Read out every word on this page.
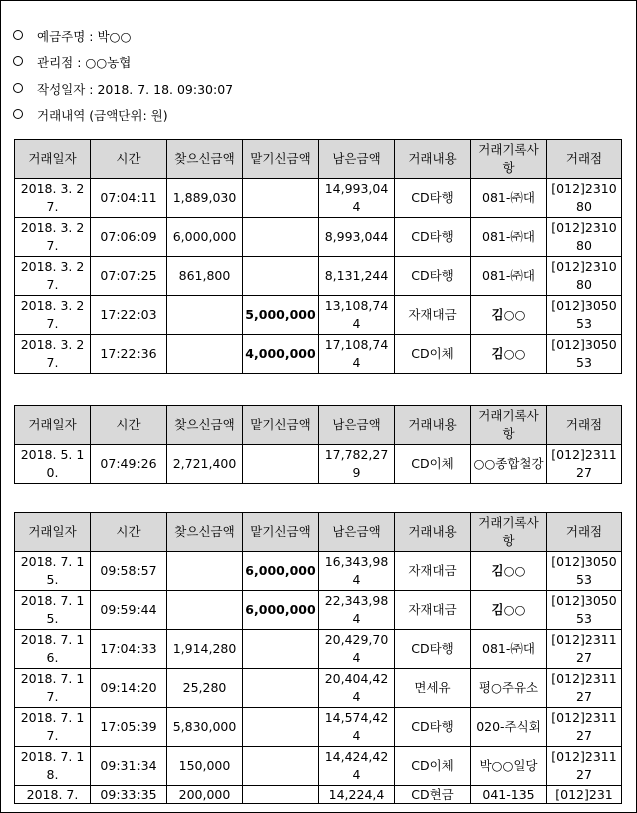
예금주명 : 박○○
관리점 : ○○농협
작성일자 : 2018. 7. 18. 09:30:07
거래내역 (금액단위: 원)
거래일자	시간	찾으신금액	맡기신금액	남은금액	거래내용	거래기록사항	거래점
2018. 3. 27.	07:04:11	1,889,030		14,993,044	CD타행	081-㈜대	[012]231080
2018. 3. 27.	07:06:09	6,000,000		8,993,044	CD타행	081-㈜대	[012]231080
2018. 3. 27.	07:07:25	861,800		8,131,244	CD타행	081-㈜대	[012]231080
2018. 3. 27.	17:22:03		5,000,000	13,108,744	자재대금	김○○	[012]305053
2018. 3. 27.	17:22:36		4,000,000	17,108,744	CD이체	김○○	[012]305053
거래일자	시간	찾으신금액	맡기신금액	남은금액	거래내용	거래기록사항	거래점
2018. 5. 10.	07:49:26	2,721,400		17,782,279	CD이체	○○종합철강	[012]231127
거래일자	시간	찾으신금액	맡기신금액	남은금액	거래내용	거래기록사항	거래점
2018. 7. 15.	09:58:57		6,000,000	16,343,984	자재대금	김○○	[012]305053
2018. 7. 15.	09:59:44		6,000,000	22,343,984	자재대금	김○○	[012]305053
2018. 7. 16.	17:04:33	1,914,280		20,429,704	CD타행	081-㈜대	[012]231127
2018. 7. 17.	09:14:20	25,280		20,404,424	면세유	평○주유소	[012]231127
2018. 7. 17.	17:05:39	5,830,000		14,574,424	CD타행	020-주식회	[012]231127
2018. 7. 18.	09:31:34	150,000		14,424,424	CD이체	박○○일당	[012]231127
2018. 7.	09:33:35	200,000		14,224,4	CD현금	041-135	[012]231
